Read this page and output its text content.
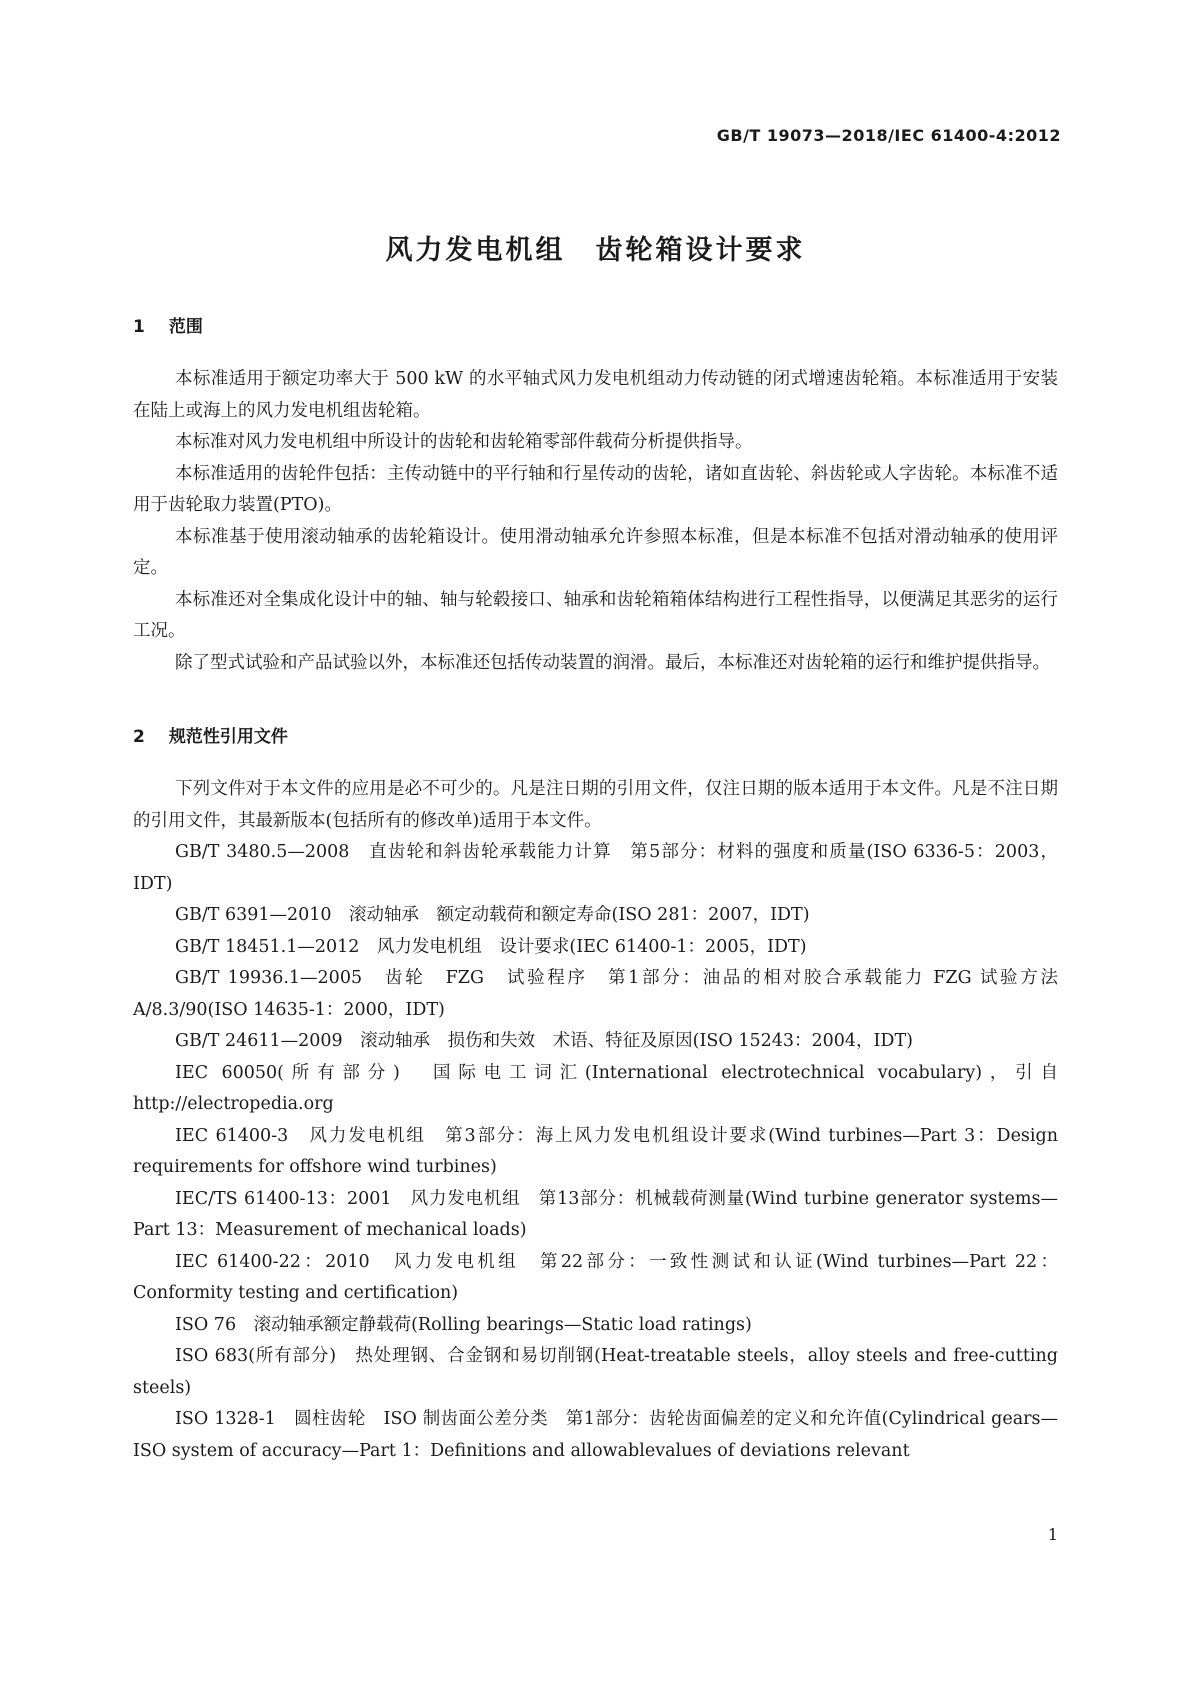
GB/T 19073—2018/IEC 61400-4:2012
风力发电机组　齿轮箱设计要求
1 范围

本标准适用于额定功率大于 500 kW 的水平轴式风力发电机组动力传动链的闭式增速齿轮箱。本标准适用于安装在陆上或海上的风力发电机组齿轮箱。

本标准对风力发电机组中所设计的齿轮和齿轮箱零部件载荷分析提供指导。

本标准适用的齿轮件包括：主传动链中的平行轴和行星传动的齿轮，诸如直齿轮、斜齿轮或人字齿轮。本标准不适用于齿轮取力装置(PTO)。

本标准基于使用滚动轴承的齿轮箱设计。使用滑动轴承允许参照本标准，但是本标准不包括对滑动轴承的使用评定。

本标准还对全集成化设计中的轴、轴与轮毂接口、轴承和齿轮箱箱体结构进行工程性指导，以便满足其恶劣的运行工况。

除了型式试验和产品试验以外，本标准还包括传动装置的润滑。最后，本标准还对齿轮箱的运行和维护提供指导。

2 规范性引用文件

下列文件对于本文件的应用是必不可少的。凡是注日期的引用文件，仅注日期的版本适用于本文件。凡是不注日期的引用文件，其最新版本(包括所有的修改单)适用于本文件。

GB/T 3480.5—2008　直齿轮和斜齿轮承载能力计算　第5部分：材料的强度和质量(ISO 6336-5：2003，IDT)

GB/T 6391—2010　滚动轴承　额定动载荷和额定寿命(ISO 281：2007，IDT)

GB/T 18451.1—2012　风力发电机组　设计要求(IEC 61400-1：2005，IDT)

GB/T 19936.1—2005　齿轮　FZG　试验程序　第1部分：油品的相对胶合承载能力 FZG 试验方法 A/8.3/90(ISO 14635-1：2000，IDT)

GB/T 24611—2009　滚动轴承　损伤和失效　术语、特征及原因(ISO 15243：2004，IDT)

IEC 60050(所有部分)　国际电工词汇(International electrotechnical vocabulary)，引自 http://electropedia.org

IEC 61400-3　风力发电机组　第3部分：海上风力发电机组设计要求(Wind turbines—Part 3：Design requirements for offshore wind turbines)

IEC/TS 61400-13：2001　风力发电机组　第13部分：机械载荷测量(Wind turbine generator systems—Part 13：Measurement of mechanical loads)

IEC 61400-22：2010　风力发电机组　第22部分：一致性测试和认证(Wind turbines—Part 22：Conformity testing and certification)

ISO 76　滚动轴承额定静载荷(Rolling bearings—Static load ratings)

ISO 683(所有部分)　热处理钢、合金钢和易切削钢(Heat-treatable steels，alloy steels and free-cutting steels)

ISO 1328-1　圆柱齿轮　ISO 制齿面公差分类　第1部分：齿轮齿面偏差的定义和允许值(Cylindrical gears—ISO system of accuracy—Part 1：Definitions and allowablevalues of deviations relevant

1
